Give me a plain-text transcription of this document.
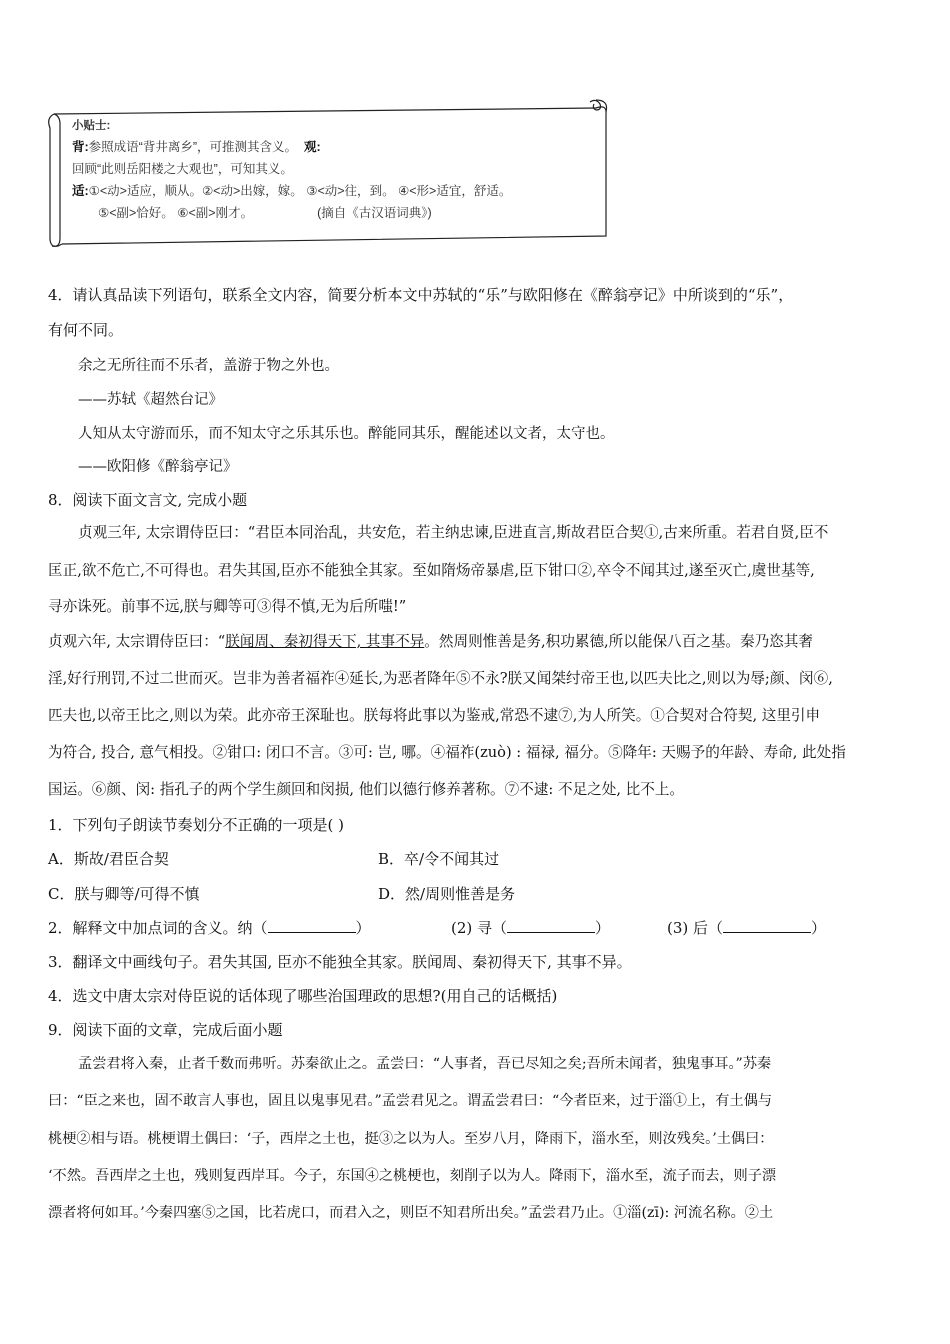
小贴士:
背:参照成语“背井离乡”，可推测其含义。 观:
回顾“此则岳阳楼之大观也”，可知其义。
适:①<动>适应，顺从。②<动>出嫁，嫁。 ③<动>往，到。 ④<形>适宜，舒适。
⑤<副>恰好。 ⑥<副>刚才。	(摘自《古汉语词典》)
4．请认真品读下列语句，联系全文内容，简要分析本文中苏轼的“乐”与欧阳修在《醉翁亭记》中所谈到的“乐”，
有何不同。
余之无所往而不乐者，盖游于物之外也。
——苏轼《超然台记》
人知从太守游而乐，而不知太守之乐其乐也。醉能同其乐，醒能述以文者，太守也。
——欧阳修《醉翁亭记》
8．阅读下面文言文, 完成小题
贞观三年, 太宗谓侍臣曰：“君臣本同治乱，共安危，若主纳忠谏,臣进直言,斯故君臣合契①,古来所重。若君自贤,臣不
匡正,欲不危亡,不可得也。君失其国,臣亦不能独全其家。至如隋炀帝暴虐,臣下钳口②,卒令不闻其过,遂至灭亡,虞世基等,
寻亦诛死。前事不远,朕与卿等可③得不慎,无为后所嗤!”
贞观六年, 太宗谓侍臣曰：“朕闻周、秦初得天下, 其事不异。然周则惟善是务,积功累德,所以能保八百之基。秦乃恣其奢
淫,好行刑罚,不过二世而灭。岂非为善者福祚④延长,为恶者降年⑤不永?朕又闻桀纣帝王也,以匹夫比之,则以为辱;颜、闵⑥,
匹夫也,以帝王比之,则以为荣。此亦帝王深耻也。朕每将此事以为鉴戒,常恐不逮⑦,为人所笑。①合契对合符契, 这里引申
为符合, 投合, 意气相投。②钳口: 闭口不言。③可: 岂, 哪。④福祚(zuò) : 福禄, 福分。⑤降年: 天赐予的年龄、寿命, 此处指
国运。⑥颜、闵: 指孔子的两个学生颜回和闵损, 他们以德行修养著称。⑦不逮: 不足之处, 比不上。
1．下列句子朗读节奏划分不正确的一项是( )
A．斯故/君臣合契	B．卒/令不闻其过
C．朕与卿等/可得不慎	D．然/周则惟善是务
2．解释文中加点词的含义。纳（	）	(2) 寻（	）	(3) 后（	）
3．翻译文中画线句子。君失其国, 臣亦不能独全其家。朕闻周、秦初得天下, 其事不异。
4．选文中唐太宗对侍臣说的话体现了哪些治国理政的思想?(用自己的话概括)
9．阅读下面的文章，完成后面小题
孟尝君将入秦，止者千数而弗听。苏秦欲止之。孟尝曰：“人事者，吾已尽知之矣;吾所未闻者，独鬼事耳。”苏秦
曰：“臣之来也，固不敢言人事也，固且以鬼事见君。”孟尝君见之。谓孟尝君曰：“今者臣来，过于淄①上，有土偶与
桃梗②相与语。桃梗谓土偶曰：‘子，西岸之土也，挺③之以为人。至岁八月，降雨下，淄水至，则汝残矣。’土偶曰：
‘不然。吾西岸之土也，残则复西岸耳。今子，东国④之桃梗也，刻削子以为人。降雨下，淄水至，流子而去，则子漂
漂者将何如耳。’今秦四塞⑤之国，比若虎口，而君入之，则臣不知君所出矣。”孟尝君乃止。①淄(zī): 河流名称。②土
